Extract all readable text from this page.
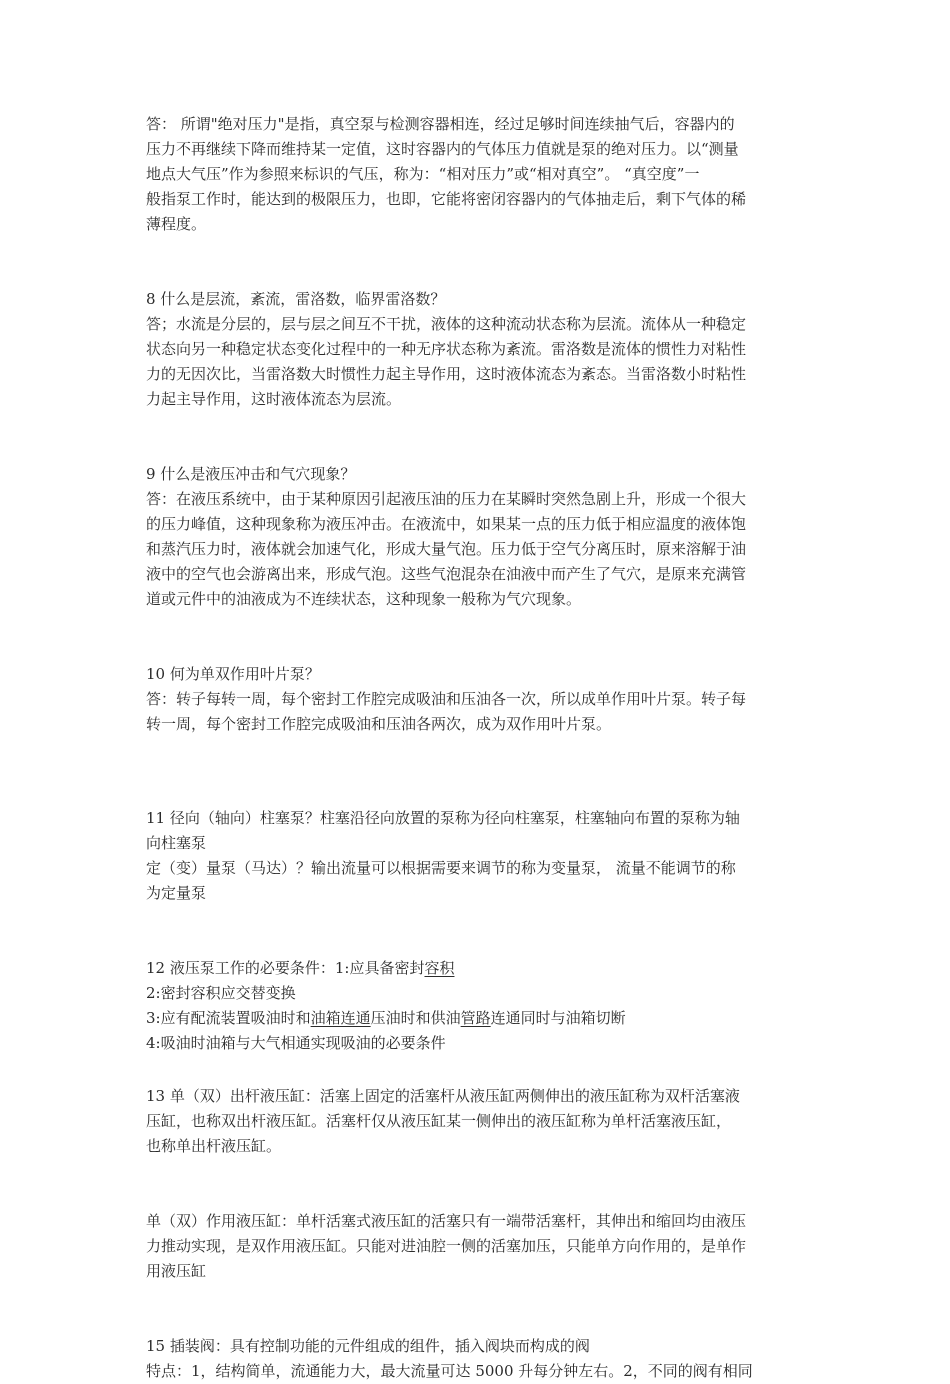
答： 所谓"绝对压力"是指，真空泵与检测容器相连，经过足够时间连续抽气后，容器内的
压力不再继续下降而维持某一定值，这时容器内的气体压力值就是泵的绝对压力。以“测量
地点大气压”作为参照来标识的气压，称为：“相对压力”或“相对真空”。 “真空度”一
般指泵工作时，能达到的极限压力，也即，它能将密闭容器内的气体抽走后，剩下气体的稀
薄程度。
8 什么是层流，紊流，雷洛数，临界雷洛数？
答；水流是分层的，层与层之间互不干扰，液体的这种流动状态称为层流。流体从一种稳定
状态向另一种稳定状态变化过程中的一种无序状态称为紊流。雷洛数是流体的惯性力对粘性
力的无因次比，当雷洛数大时惯性力起主导作用，这时液体流态为紊态。当雷洛数小时粘性
力起主导作用，这时液体流态为层流。
9 什么是液压冲击和气穴现象？
答：在液压系统中，由于某种原因引起液压油的压力在某瞬时突然急剧上升，形成一个很大
的压力峰值，这种现象称为液压冲击。在液流中，如果某一点的压力低于相应温度的液体饱
和蒸汽压力时，液体就会加速气化，形成大量气泡。压力低于空气分离压时，原来溶解于油
液中的空气也会游离出来，形成气泡。这些气泡混杂在油液中而产生了气穴，是原来充满管
道或元件中的油液成为不连续状态，这种现象一般称为气穴现象。
10 何为单双作用叶片泵？
答：转子每转一周，每个密封工作腔完成吸油和压油各一次，所以成单作用叶片泵。转子每
转一周，每个密封工作腔完成吸油和压油各两次，成为双作用叶片泵。
11 径向（轴向）柱塞泵？柱塞沿径向放置的泵称为径向柱塞泵，柱塞轴向布置的泵称为轴
向柱塞泵
定（变）量泵（马达）？输出流量可以根据需要来调节的称为变量泵， 流量不能调节的称
为定量泵
12 液压泵工作的必要条件：1:应具备密封容积
2:密封容积应交替变换
3:应有配流装置吸油时和油箱连通压油时和供油管路连通同时与油箱切断
4:吸油时油箱与大气相通实现吸油的必要条件
13 单（双）出杆液压缸：活塞上固定的活塞杆从液压缸两侧伸出的液压缸称为双杆活塞液
压缸，也称双出杆液压缸。活塞杆仅从液压缸某一侧伸出的液压缸称为单杆活塞液压缸，
也称单出杆液压缸。
单（双）作用液压缸：单杆活塞式液压缸的活塞只有一端带活塞杆，其伸出和缩回均由液压
力推动实现，是双作用液压缸。只能对进油腔一侧的活塞加压，只能单方向作用的，是单作
用液压缸
15 插装阀：具有控制功能的元件组成的组件，插入阀块而构成的阀
特点：1，结构简单，流通能力大，最大流量可达 5000 升每分钟左右。2，不同的阀有相同
